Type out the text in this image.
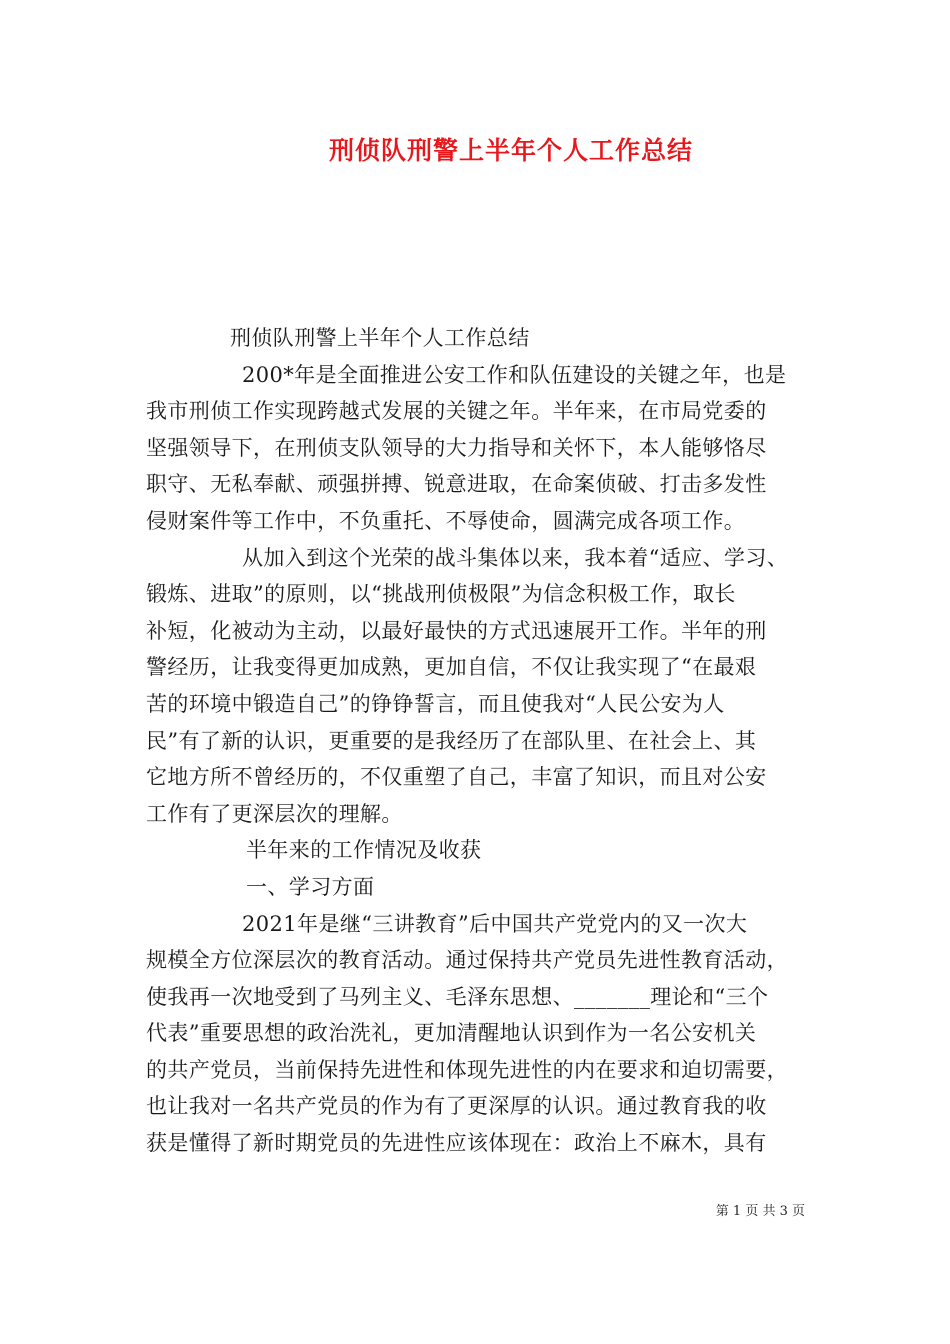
刑侦队刑警上半年个人工作总结
刑侦队刑警上半年个人工作总结
200*年是全面推进公安工作和队伍建设的关键之年，也是
我市刑侦工作实现跨越式发展的关键之年。半年来，在市局党委的
坚强领导下，在刑侦支队领导的大力指导和关怀下，本人能够恪尽
职守、无私奉献、顽强拼搏、锐意进取，在命案侦破、打击多发性
侵财案件等工作中，不负重托、不辱使命，圆满完成各项工作。
从加入到这个光荣的战斗集体以来，我本着“适应、学习、
锻炼、进取”的原则，以“挑战刑侦极限”为信念积极工作，取长
补短，化被动为主动，以最好最快的方式迅速展开工作。半年的刑
警经历，让我变得更加成熟，更加自信，不仅让我实现了“在最艰
苦的环境中锻造自己”的铮铮誓言，而且使我对“人民公安为人
民”有了新的认识，更重要的是我经历了在部队里、在社会上、其
它地方所不曾经历的，不仅重塑了自己，丰富了知识，而且对公安
工作有了更深层次的理解。
半年来的工作情况及收获
一、学习方面
2021年是继“三讲教育”后中国共产党党内的又一次大
规模全方位深层次的教育活动。通过保持共产党员先进性教育活动，
使我再一次地受到了马列主义、毛泽东思想、_______理论和“三个
代表”重要思想的政治洗礼，更加清醒地认识到作为一名公安机关
的共产党员，当前保持先进性和体现先进性的内在要求和迫切需要，
也让我对一名共产党员的作为有了更深厚的认识。通过教育我的收
获是懂得了新时期党员的先进性应该体现在：政治上不麻木，具有
第 1 页 共 3 页
